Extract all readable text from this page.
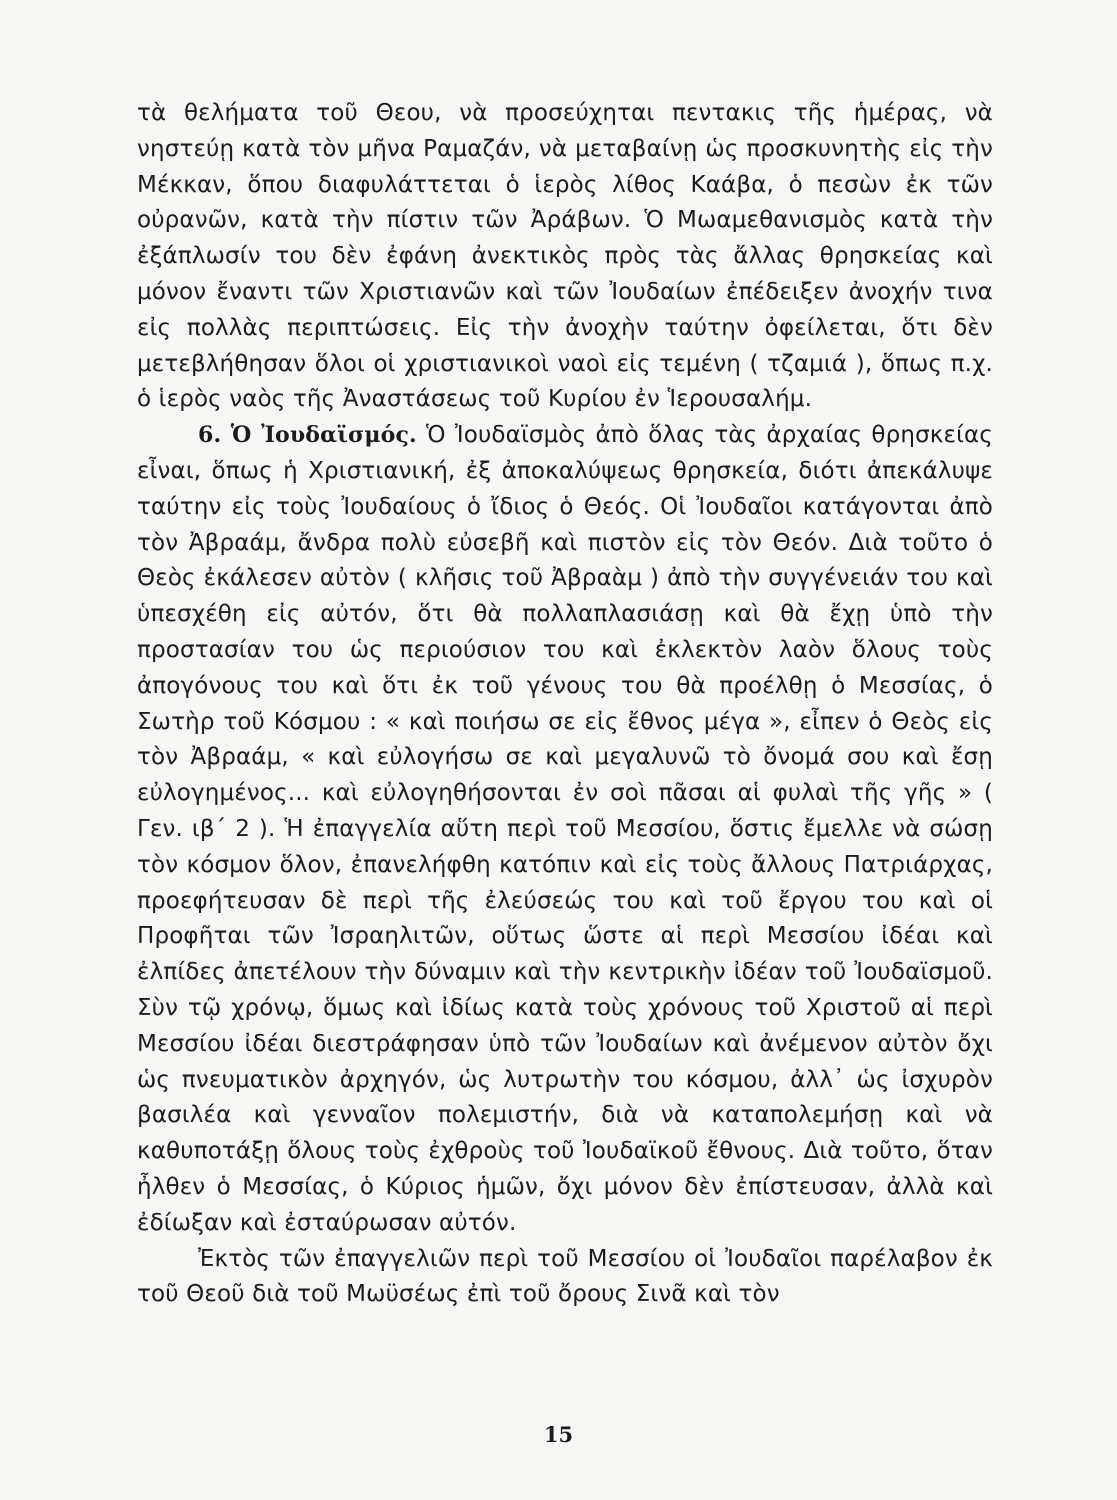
τὰ θελήματα τοῦ Θεου, νὰ προσεύχηται πεντακις τῆς ἡμέρας, νὰ νηστεύῃ κατὰ τὸν μῆνα Ραμαζάν, νὰ μεταβαίνῃ ὡς προσκυνητὴς εἰς τὴν Μέκκαν, ὅπου διαφυλάττεται ὁ ἱερὸς λίθος Καάβα, ὁ πεσὼν ἐκ τῶν οὐρανῶν, κατὰ τὴν πίστιν τῶν Ἀράβων. Ὁ Μωαμεθανισμὸς κατὰ τὴν ἐξάπλωσίν του δὲν ἐφάνη ἀνεκτικὸς πρὸς τὰς ἄλλας θρησκείας καὶ μόνον ἔναντι τῶν Χριστιανῶν καὶ τῶν Ἰουδαίων ἐπέδειξεν ἀνοχήν τινα εἰς πολλὰς περιπτώσεις. Εἰς τὴν ἀνοχὴν ταύτην ὀφείλεται, ὅτι δὲν μετεβλήθησαν ὅλοι οἱ χριστιανικοὶ ναοὶ εἰς τεμένη ( τζαμιά ), ὅπως π.χ. ὁ ἱερὸς ναὸς τῆς Ἀναστάσεως τοῦ Κυρίου ἐν Ἱερουσαλήμ.

6. Ὁ Ἰουδαϊσμός. Ὁ Ἰουδαϊσμὸς ἀπὸ ὅλας τὰς ἀρχαίας θρησκείας εἶναι, ὅπως ἡ Χριστιανική, ἐξ ἀποκαλύψεως θρησκεία, διότι ἀπεκάλυψε ταύτην εἰς τοὺς Ἰουδαίους ὁ ἴδιος ὁ Θεός. Οἱ Ἰουδαῖοι κατάγονται ἀπὸ τὸν Ἀβραάμ, ἄνδρα πολὺ εὐσεβῆ καὶ πιστὸν εἰς τὸν Θεόν. Διὰ τοῦτο ὁ Θεὸς ἐκάλεσεν αὐτὸν ( κλῆσις τοῦ Ἀβραὰμ ) ἀπὸ τὴν συγγένειάν του καὶ ὑπεσχέθη εἰς αὐτόν, ὅτι θὰ πολλαπλασιάσῃ καὶ θὰ ἔχῃ ὑπὸ τὴν προστασίαν του ὡς περιούσιον του καὶ ἐκλεκτὸν λαὸν ὅλους τοὺς ἀπογόνους του καὶ ὅτι ἐκ τοῦ γένους του θὰ προέλθῃ ὁ Μεσσίας, ὁ Σωτὴρ τοῦ Κόσμου : « καὶ ποιήσω σε εἰς ἔθνος μέγα », εἶπεν ὁ Θεὸς εἰς τὸν Ἀβραάμ, « καὶ εὐλογήσω σε καὶ μεγαλυνῶ τὸ ὄνομά σου καὶ ἔσῃ εὐλογημένος... καὶ εὐλογηθήσονται ἐν σοὶ πᾶσαι αἱ φυλαὶ τῆς γῆς » ( Γεν. ιβ΄ 2 ). Ἡ ἐπαγγελία αὕτη περὶ τοῦ Μεσσίου, ὅστις ἔμελλε νὰ σώσῃ τὸν κόσμον ὅλον, ἐπανελήφθη κατόπιν καὶ εἰς τοὺς ἄλλους Πατριάρχας, προεφήτευσαν δὲ περὶ τῆς ἐλεύσεώς του καὶ τοῦ ἔργου του καὶ οἱ Προφῆται τῶν Ἰσραηλιτῶν, οὕτως ὥστε αἱ περὶ Μεσσίου ἰδέαι καὶ ἐλπίδες ἀπετέλουν τὴν δύναμιν καὶ τὴν κεντρικὴν ἰδέαν τοῦ Ἰουδαϊσμοῦ. Σὺν τῷ χρόνῳ, ὅμως καὶ ἰδίως κατὰ τοὺς χρόνους τοῦ Χριστοῦ αἱ περὶ Μεσσίου ἰδέαι διεστράφησαν ὑπὸ τῶν Ἰουδαίων καὶ ἀνέμενον αὐτὸν ὄχι ὡς πνευματικὸν ἀρχηγόν, ὡς λυτρωτὴν του κόσμου, ἀλλ᾽ ὡς ἰσχυρὸν βασιλέα καὶ γενναῖον πολεμιστήν, διὰ νὰ καταπολεμήσῃ καὶ νὰ καθυποτάξῃ ὅλους τοὺς ἐχθροὺς τοῦ Ἰουδαϊκοῦ ἔθνους. Διὰ τοῦτο, ὅταν ἦλθεν ὁ Μεσσίας, ὁ Κύριος ἡμῶν, ὄχι μόνον δὲν ἐπίστευσαν, ἀλλὰ καὶ ἐδίωξαν καὶ ἐσταύρωσαν αὐτόν.

Ἐκτὸς τῶν ἐπαγγελιῶν περὶ τοῦ Μεσσίου οἱ Ἰουδαῖοι παρέλαβον ἐκ τοῦ Θεοῦ διὰ τοῦ Μωϋσέως ἐπὶ τοῦ ὄρους Σινᾶ καὶ τὸν

15
